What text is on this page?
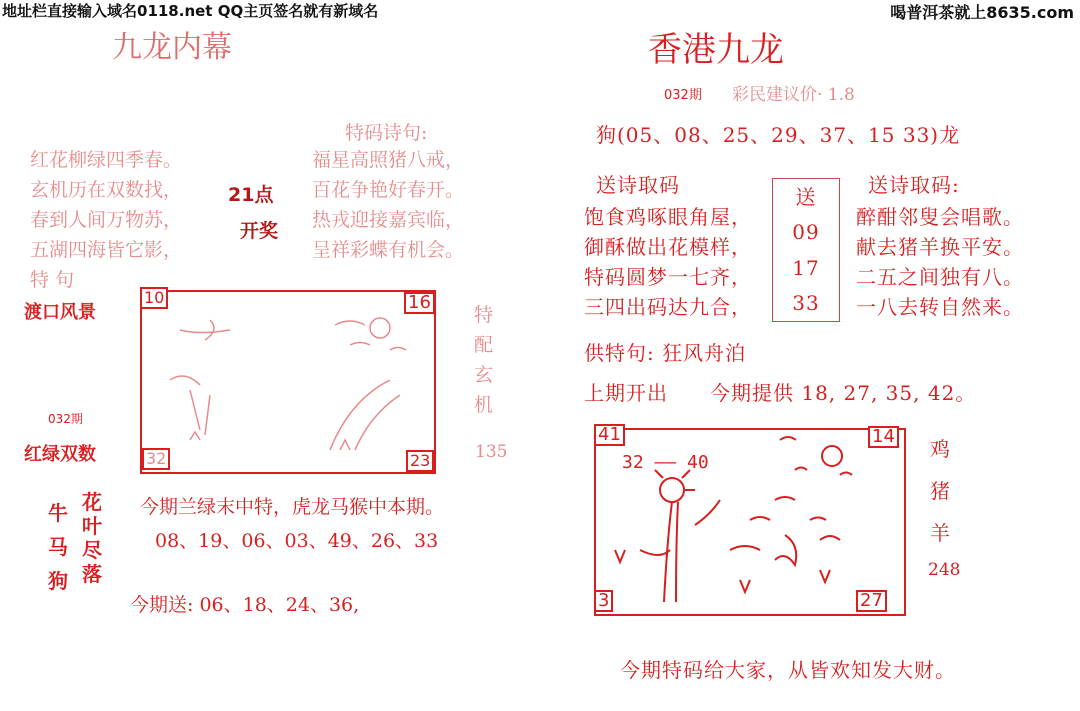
地址栏直接输入域名0118.net QQ主页签名就有新域名	喝普洱茶就上8635.com
九龙内幕
红花柳绿四季春。
玄机历在双数找，
春到人间万物苏，
五湖四海皆它影，
特码诗句:
福星高照猪八戒，
百花争艳好春开。
热戎迎接嘉宾临，
呈祥彩蝶有机会。
21点
开奖
特 句
渡口风景
032期
红绿双数
10	16
32	23
特
配
玄
机
135
牛
马
狗
花
叶
尽
落
今期兰绿末中特，虎龙马猴中本期。
08、19、06、03、49、26、33
今期送: 06、18、24、36,
香港九龙
032期 彩民建议价· 1.8
狗(05、08、25、29、37、15 33)龙
送诗取码	送诗取码:
饱食鸡啄眼角屋，
御酥做出花模样，
特码圆梦一七齐，
三四出码达九合，
醉酣邻叟会唱歌。
献去猪羊换平安。
二五之间独有八。
一八去转自然来。
送
09
17
33
供特句: 狂风舟泊
上期开出 今期提供 18, 27, 35, 42。
41	14
3	27
32 —— 40
鸡
猪
羊
248
今期特码给大家，从皆欢知发大财。
